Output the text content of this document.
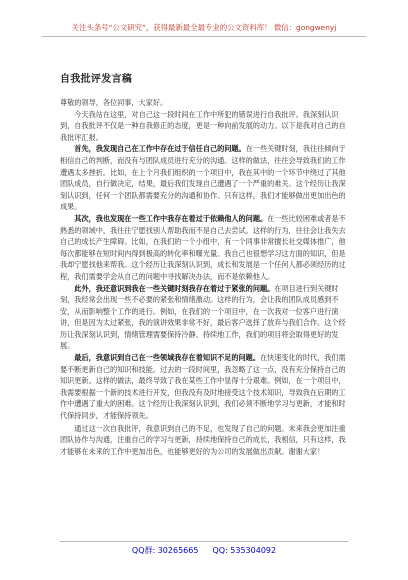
关注头条号“公文研究”，获得最新最全最专业的公文资料库！ 微信：gongwenyj
自我批评发言稿

尊敬的领导，各位同事，大家好。

今天我站在这里，对自己这一段时间在工作中所犯的错误进行自我批评。我深刻认识到，自我批评不仅是一种自我修正的态度，更是一种向前发展的动力。以下是我对自己的自我批评汇报。

首先，我发现自己在工作中存在过于信任自己的问题。在一些关键时刻，我往往倾向于相信自己的判断，而没有与团队成员进行充分的沟通。这样的做法，往往会导致我们的工作遭遇太多挫折。比如，在上个月我们组织的一个项目中，我在其中的一个环节中绕过了其他团队成员，自行做决定，结果，最后我们发现自己遭遇了一个严重的难关。这个经历让我深刻认识到，任何一个团队都需要充分的沟通和协作。只有这样，我们才能够做出更加出色的成果。

其次，我也发现在一些工作中我存在着过于依赖他人的问题。在一些比较困难或者是不熟悉的领域中，我往往宁愿找别人帮助我而不是自己去尝试。这样的行为，往往会让我失去自己的成长产生障碍。比如，在我们的一个小组中，有一个同事非常擅长社交媒体推广，他每次都能够在短时间内得到极高的转化率和曝光量。我自己也很想学习这方面的知识，但是我却宁愿找他来帮我。这个经历让我深刻认识到，成长和发展是一个任何人都必须经历的过程，我们需要学会从自己的问题中寻找解决办法，而不是依赖他人。

此外，我还意识到我在一些关键时刻我存在着过于紧张的问题。在项目进行到关键时刻，我经常会出现一些不必要的紧张和情绪激动。这样的行为，会让我的团队成员感到不安，从而影响整个工作的进行。例如，在我们的一个项目中，在一次我对一位客户进行演讲，但是因为太过紧张，我的演讲效果非常不好，最后客户选择了放弃与我们合作。这个经历让我深刻认识到，情绪管理需要保持冷静、持续地工作，我们的项目将会取得更好的发展。

最后，我意识到自己在一些领域我存在着知识不足的问题。在快速变化的时代，我们需要不断更新自己的知识和技能。过去的一段时间里，我忽略了这一点，没有充分保持自己的知识更新。这样的做法，最终导致了我在某些工作中显得十分艰难。例如，在一个项目中，我需要根据一个新的技术进行开发，但我没有及时地接受这个技术知识，导致我在后期的工作中遭遇了重大的困难。这个经历让我深刻认识到，我们必须不断地学习与更新，才能和时代保持同步，才能保持领先。

通过这一次自我批评，我意识到自己的不足，也发现了自己的问题。未来我会更加注重团队协作与沟通，注重自己的学习与更新，持续地保持自己的成长，我相信，只有这样，我才能够在未来的工作中更加出色，也能够更好的为公司的发展做出贡献。谢谢大家！

QQ群: 30265665 QQ: 535304092
